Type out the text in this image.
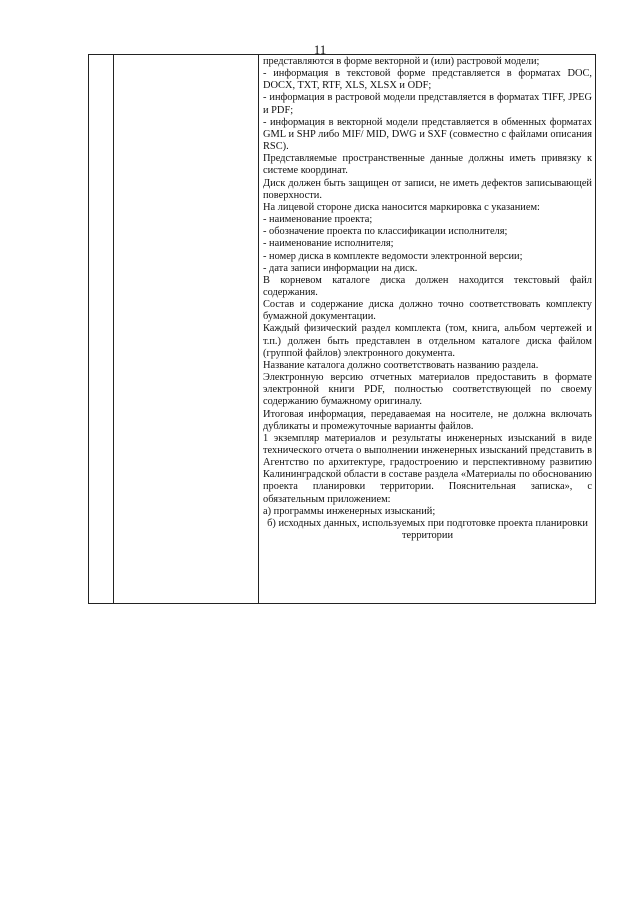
11

представляются в форме векторной и (или) растровой модели;

- информация в текстовой форме представляется в форматах DOC, DOCX, TXT, RTF, XLS, XLSX и ODF;

- информация в растровой модели представляется в форматах TIFF, JPEG и PDF;

- информация в векторной модели представляется в обменных форматах GML и SHP либо MIF/ MID, DWG и SXF (совместно с файлами описания RSC).

Представляемые пространственные данные должны иметь привязку к системе координат.

Диск должен быть защищен от записи, не иметь дефектов записывающей поверхности.

На лицевой стороне диска наносится маркировка с указанием:

- наименование проекта;

- обозначение проекта по классификации исполнителя;

- наименование исполнителя;

- номер диска в комплекте ведомости электронной версии;

- дата записи информации на диск.

В корневом каталоге диска должен находится текстовый файл содержания.

Состав и содержание диска должно точно соответствовать комплекту бумажной документации.

Каждый физический раздел комплекта (том, книга, альбом чертежей и т.п.) должен быть представлен в отдельном каталоге диска файлом (группой файлов) электронного документа.

Название каталога должно соответствовать названию раздела.

Электронную версию отчетных материалов предоставить в формате электронной книги PDF, полностью соответствующей по своему содержанию бумажному оригиналу.

Итоговая информация, передаваемая на носителе, не должна включать дубликаты и промежуточные варианты файлов.

1 экземпляр материалов и результаты инженерных изысканий в виде технического отчета о выполнении инженерных изысканий представить в Агентство по архитектуре, градостроению и перспективному развитию Калининградской области в составе раздела «Материалы по обоснованию проекта планировки территории. Пояснительная записка», с обязательным приложением:

а) программы инженерных изысканий;

б) исходных данных, используемых при подготовке проекта планировки территории
